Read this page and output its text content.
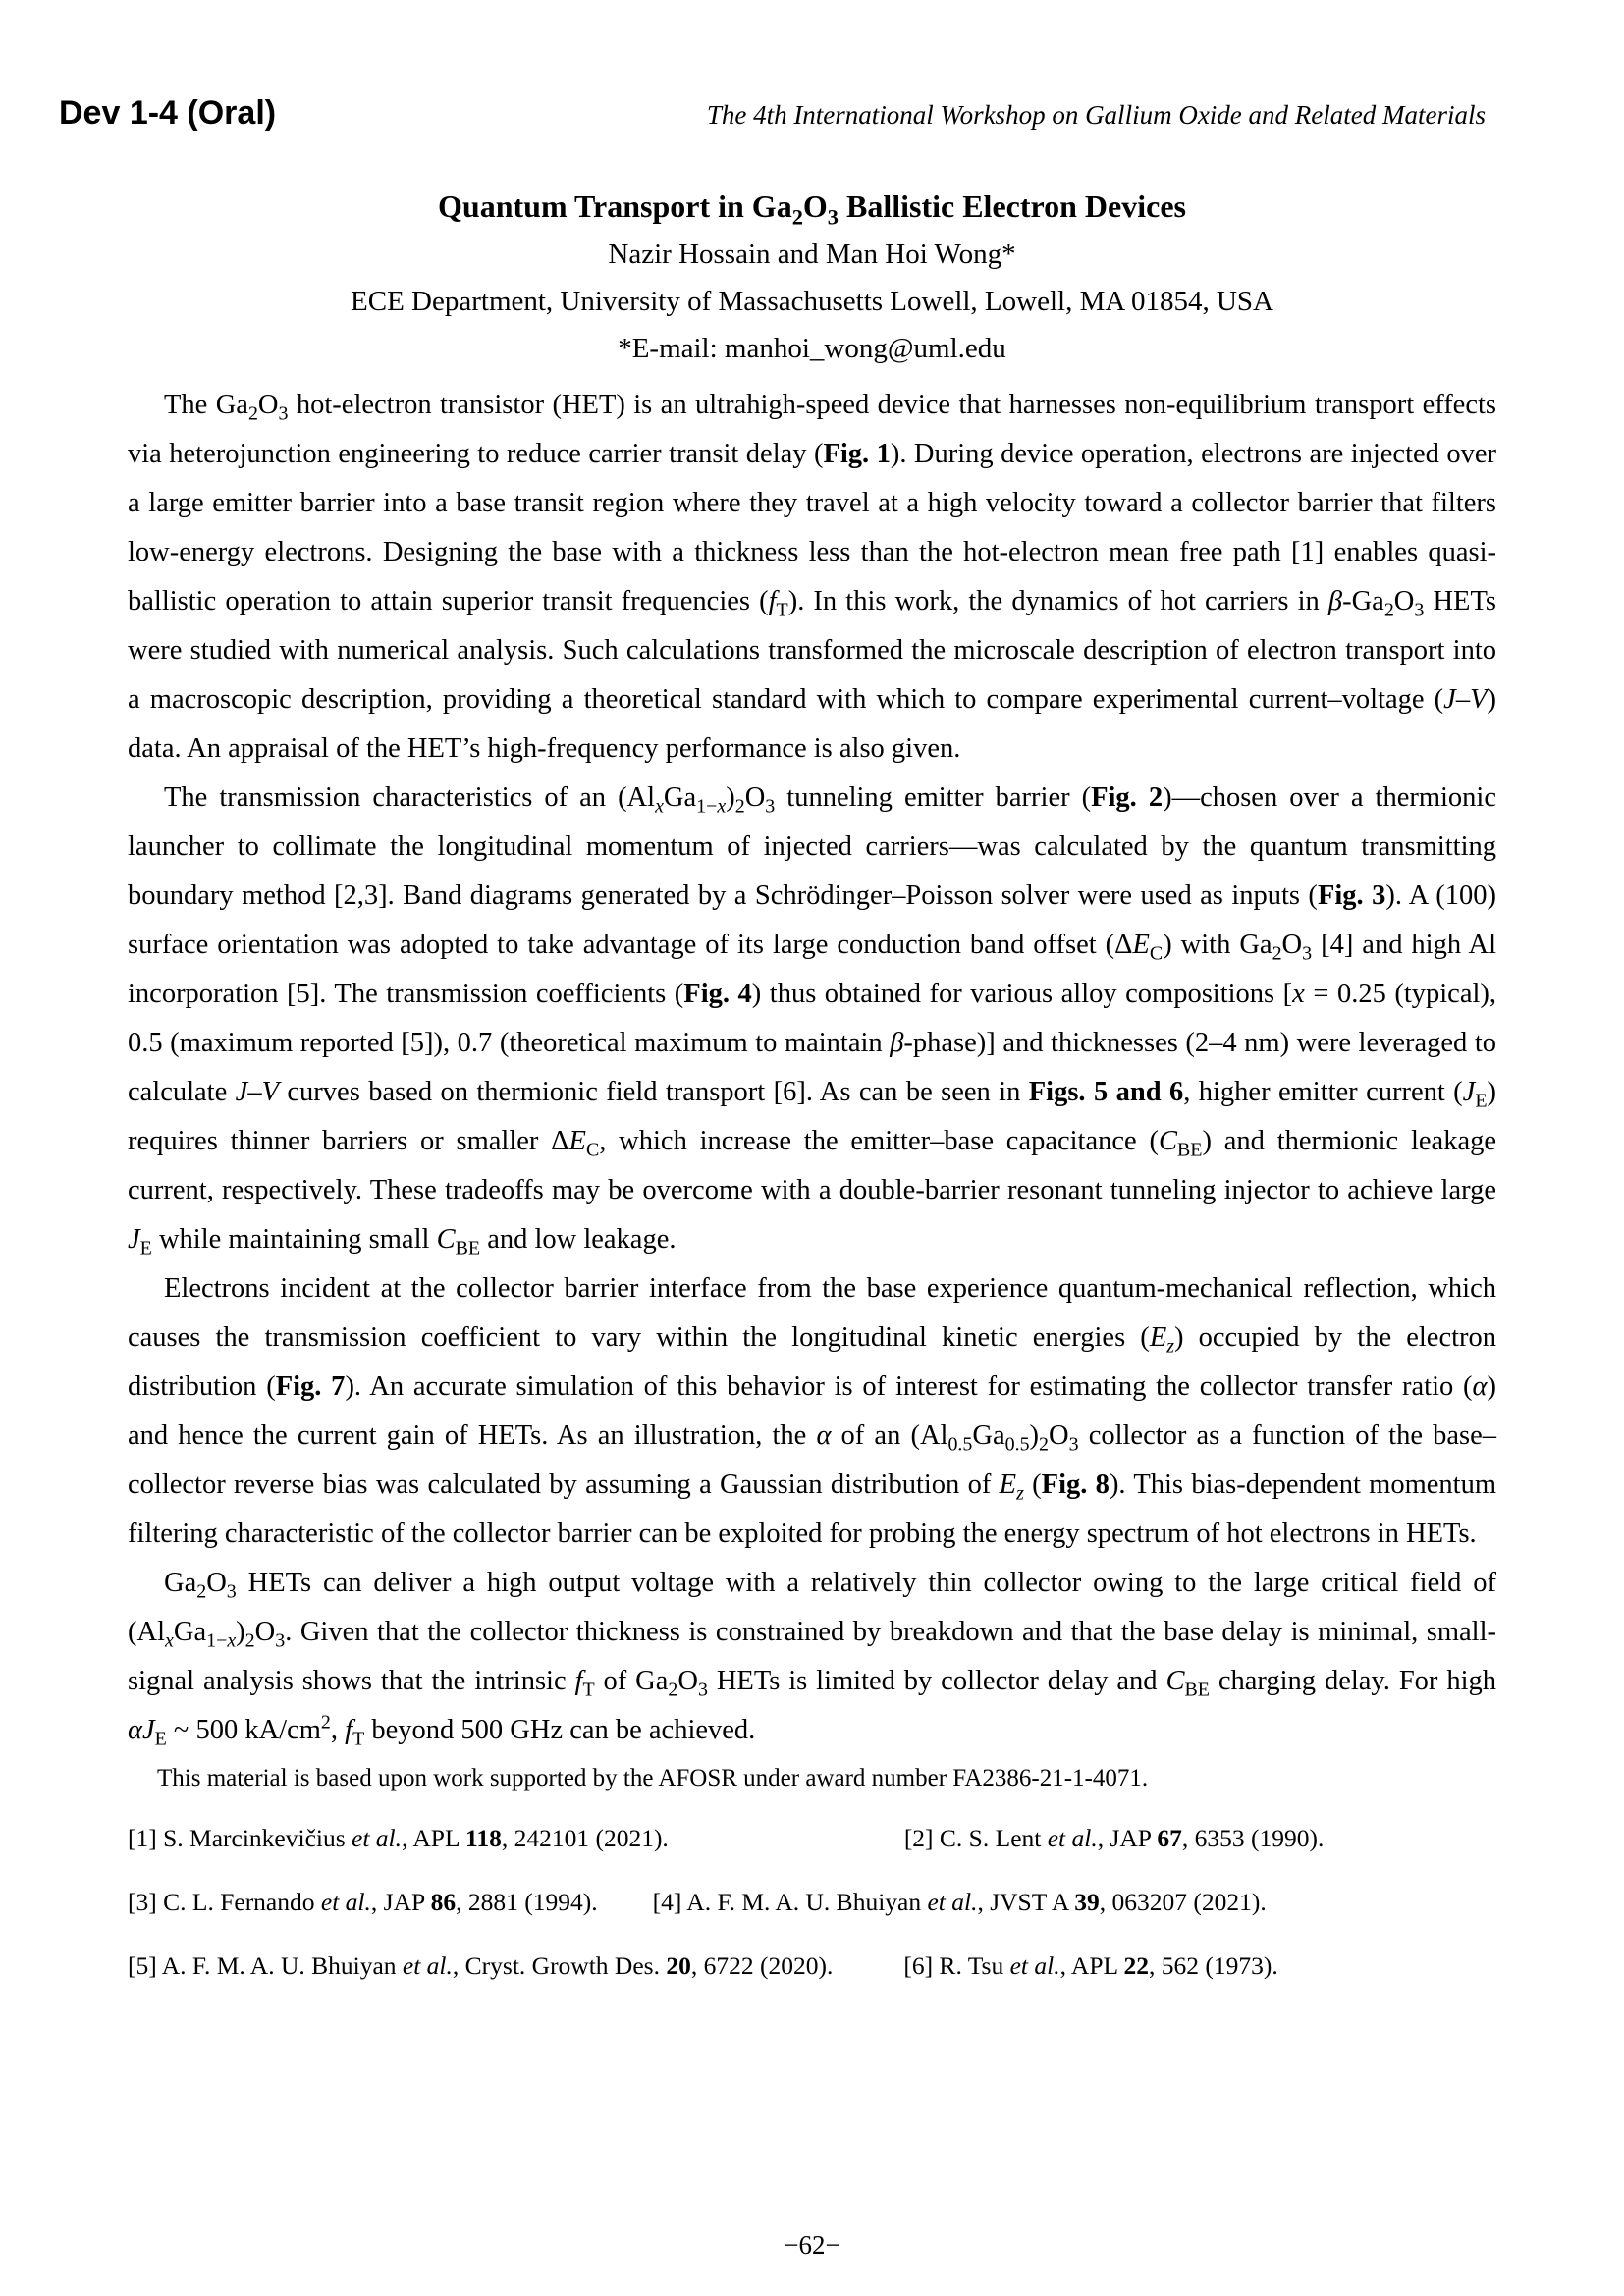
Dev 1-4 (Oral)	The 4th International Workshop on Gallium Oxide and Related Materials
Quantum Transport in $Ga_2O_3$ Ballistic Electron Devices
Nazir Hossain and Man Hoi Wong*
ECE Department, University of Massachusetts Lowell, Lowell, MA 01854, USA
*E-mail: manhoi_wong@uml.edu

The $Ga_2O_3$ hot-electron transistor (HET) is an ultrahigh-speed device that harnesses non-equilibrium transport effects via heterojunction engineering to reduce carrier transit delay (Fig. 1). During device operation, electrons are injected over a large emitter barrier into a base transit region where they travel at a high velocity toward a collector barrier that filters low-energy electrons. Designing the base with a thickness less than the hot-electron mean free path [1] enables quasi-ballistic operation to attain superior transit frequencies $(f_T)$. In this work, the dynamics of hot carriers in $\beta-Ga_2O_3$ HETs were studied with numerical analysis. Such calculations transformed the microscale description of electron transport into a macroscopic description, providing a theoretical standard with which to compare experimental current–voltage (J–V) data. An appraisal of the HET’s high-frequency performance is also given.

The transmission characteristics of an $(Al_xGa_{1-x})_2O_3$ tunneling emitter barrier (Fig. 2)—chosen over a thermionic launcher to collimate the longitudinal momentum of injected carriers—was calculated by the quantum transmitting boundary method [2,3]. Band diagrams generated by a Schrödinger–Poisson solver were used as inputs (Fig. 3). A (100) surface orientation was adopted to take advantage of its large conduction band offset $(\Delta E_C)$ with $Ga_2O_3$ [4] and high Al incorporation [5]. The transmission coefficients (Fig. 4) thus obtained for various alloy compositions [x = 0.25 (typical), 0.5 (maximum reported [5]), 0.7 (theoretical maximum to maintain β-phase)] and thicknesses (2–4 nm) were leveraged to calculate J–V curves based on thermionic field transport [6]. As can be seen in Figs. 5 and 6, higher emitter current $(J_E)$ requires thinner barriers or smaller $\Delta E_C$, which increase the emitter–base capacitance $(C_{BE})$ and thermionic leakage current, respectively. These tradeoffs may be overcome with a double-barrier resonant tunneling injector to achieve large $J_E$ while maintaining small $C_{BE}$ and low leakage.

Electrons incident at the collector barrier interface from the base experience quantum-mechanical reflection, which causes the transmission coefficient to vary within the longitudinal kinetic energies $(E_z)$ occupied by the electron distribution (Fig. 7). An accurate simulation of this behavior is of interest for estimating the collector transfer ratio (α) and hence the current gain of HETs. As an illustration, the α of an $(Al_{0.5}Ga_{0.5})_2O_3$ collector as a function of the base–collector reverse bias was calculated by assuming a Gaussian distribution of $E_z$ (Fig. 8). This bias-dependent momentum filtering characteristic of the collector barrier can be exploited for probing the energy spectrum of hot electrons in HETs.

$Ga_2O_3$ HETs can deliver a high output voltage with a relatively thin collector owing to the large critical field of $(Al_xGa_{1-x})_2O_3$. Given that the collector thickness is constrained by breakdown and that the base delay is minimal, small-signal analysis shows that the intrinsic $f_T$ of $Ga_2O_3$ HETs is limited by collector delay and $C_{BE}$ charging delay. For high $\alpha J_E$ ~ 500 $kA/cm^2$, $f_T$ beyond 500 GHz can be achieved.

This material is based upon work supported by the AFOSR under award number FA2386-21-1-4071.

[1] S. Marcinkevičius et al., APL 118, 242101 (2021).	[2] C. S. Lent et al., JAP 67, 6353 (1990).

[3] C. L. Fernando et al., JAP 86, 2881 (1994). [4] A. F. M. A. U. Bhuiyan et al., JVST A 39, 063207 (2021).

[5] A. F. M. A. U. Bhuiyan et al., Cryst. Growth Des. 20, 6722 (2020).	[6] R. Tsu et al., APL 22, 562 (1973).

−62−
